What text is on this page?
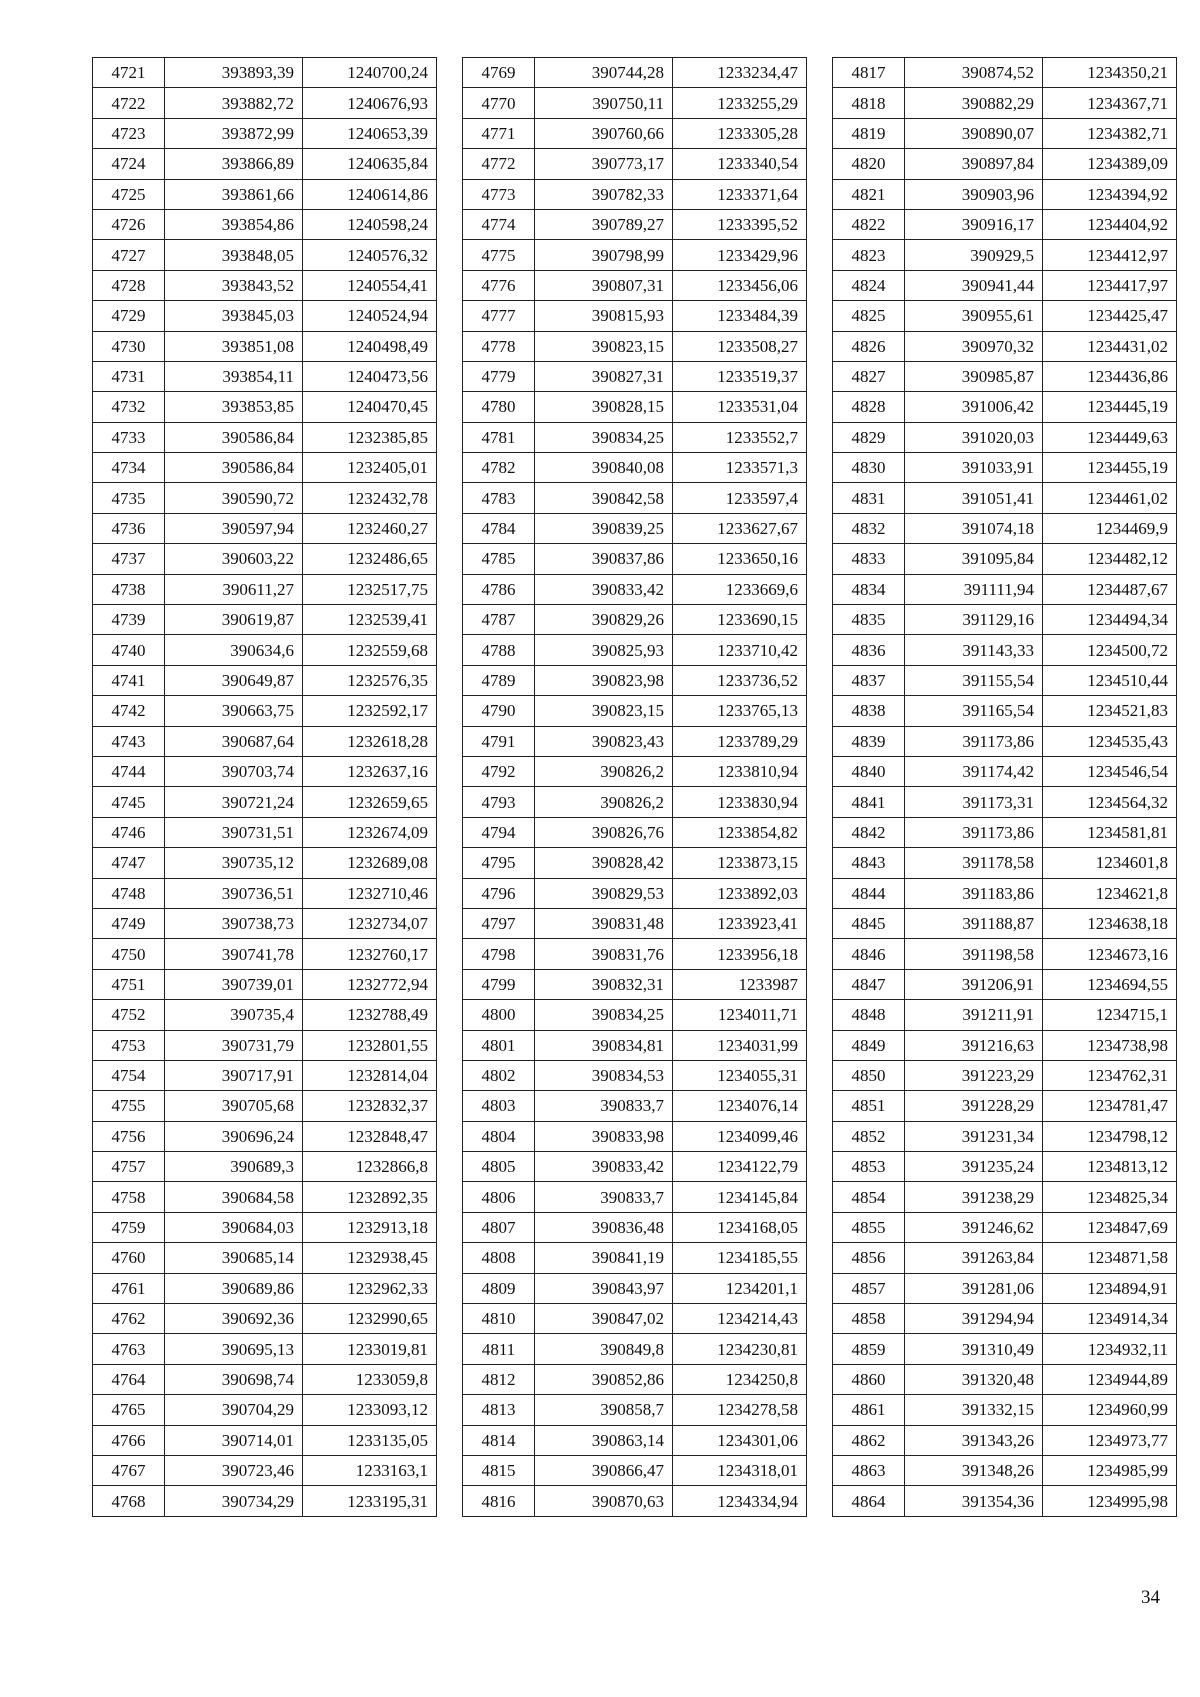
4721	393893,39	1240700,24
4722	393882,72	1240676,93
4723	393872,99	1240653,39
4724	393866,89	1240635,84
4725	393861,66	1240614,86
4726	393854,86	1240598,24
4727	393848,05	1240576,32
4728	393843,52	1240554,41
4729	393845,03	1240524,94
4730	393851,08	1240498,49
4731	393854,11	1240473,56
4732	393853,85	1240470,45
4733	390586,84	1232385,85
4734	390586,84	1232405,01
4735	390590,72	1232432,78
4736	390597,94	1232460,27
4737	390603,22	1232486,65
4738	390611,27	1232517,75
4739	390619,87	1232539,41
4740	390634,6	1232559,68
4741	390649,87	1232576,35
4742	390663,75	1232592,17
4743	390687,64	1232618,28
4744	390703,74	1232637,16
4745	390721,24	1232659,65
4746	390731,51	1232674,09
4747	390735,12	1232689,08
4748	390736,51	1232710,46
4749	390738,73	1232734,07
4750	390741,78	1232760,17
4751	390739,01	1232772,94
4752	390735,4	1232788,49
4753	390731,79	1232801,55
4754	390717,91	1232814,04
4755	390705,68	1232832,37
4756	390696,24	1232848,47
4757	390689,3	1232866,8
4758	390684,58	1232892,35
4759	390684,03	1232913,18
4760	390685,14	1232938,45
4761	390689,86	1232962,33
4762	390692,36	1232990,65
4763	390695,13	1233019,81
4764	390698,74	1233059,8
4765	390704,29	1233093,12
4766	390714,01	1233135,05
4767	390723,46	1233163,1
4768	390734,29	1233195,31
4769	390744,28	1233234,47
4770	390750,11	1233255,29
4771	390760,66	1233305,28
4772	390773,17	1233340,54
4773	390782,33	1233371,64
4774	390789,27	1233395,52
4775	390798,99	1233429,96
4776	390807,31	1233456,06
4777	390815,93	1233484,39
4778	390823,15	1233508,27
4779	390827,31	1233519,37
4780	390828,15	1233531,04
4781	390834,25	1233552,7
4782	390840,08	1233571,3
4783	390842,58	1233597,4
4784	390839,25	1233627,67
4785	390837,86	1233650,16
4786	390833,42	1233669,6
4787	390829,26	1233690,15
4788	390825,93	1233710,42
4789	390823,98	1233736,52
4790	390823,15	1233765,13
4791	390823,43	1233789,29
4792	390826,2	1233810,94
4793	390826,2	1233830,94
4794	390826,76	1233854,82
4795	390828,42	1233873,15
4796	390829,53	1233892,03
4797	390831,48	1233923,41
4798	390831,76	1233956,18
4799	390832,31	1233987
4800	390834,25	1234011,71
4801	390834,81	1234031,99
4802	390834,53	1234055,31
4803	390833,7	1234076,14
4804	390833,98	1234099,46
4805	390833,42	1234122,79
4806	390833,7	1234145,84
4807	390836,48	1234168,05
4808	390841,19	1234185,55
4809	390843,97	1234201,1
4810	390847,02	1234214,43
4811	390849,8	1234230,81
4812	390852,86	1234250,8
4813	390858,7	1234278,58
4814	390863,14	1234301,06
4815	390866,47	1234318,01
4816	390870,63	1234334,94
4817	390874,52	1234350,21
4818	390882,29	1234367,71
4819	390890,07	1234382,71
4820	390897,84	1234389,09
4821	390903,96	1234394,92
4822	390916,17	1234404,92
4823	390929,5	1234412,97
4824	390941,44	1234417,97
4825	390955,61	1234425,47
4826	390970,32	1234431,02
4827	390985,87	1234436,86
4828	391006,42	1234445,19
4829	391020,03	1234449,63
4830	391033,91	1234455,19
4831	391051,41	1234461,02
4832	391074,18	1234469,9
4833	391095,84	1234482,12
4834	391111,94	1234487,67
4835	391129,16	1234494,34
4836	391143,33	1234500,72
4837	391155,54	1234510,44
4838	391165,54	1234521,83
4839	391173,86	1234535,43
4840	391174,42	1234546,54
4841	391173,31	1234564,32
4842	391173,86	1234581,81
4843	391178,58	1234601,8
4844	391183,86	1234621,8
4845	391188,87	1234638,18
4846	391198,58	1234673,16
4847	391206,91	1234694,55
4848	391211,91	1234715,1
4849	391216,63	1234738,98
4850	391223,29	1234762,31
4851	391228,29	1234781,47
4852	391231,34	1234798,12
4853	391235,24	1234813,12
4854	391238,29	1234825,34
4855	391246,62	1234847,69
4856	391263,84	1234871,58
4857	391281,06	1234894,91
4858	391294,94	1234914,34
4859	391310,49	1234932,11
4860	391320,48	1234944,89
4861	391332,15	1234960,99
4862	391343,26	1234973,77
4863	391348,26	1234985,99
4864	391354,36	1234995,98
34
